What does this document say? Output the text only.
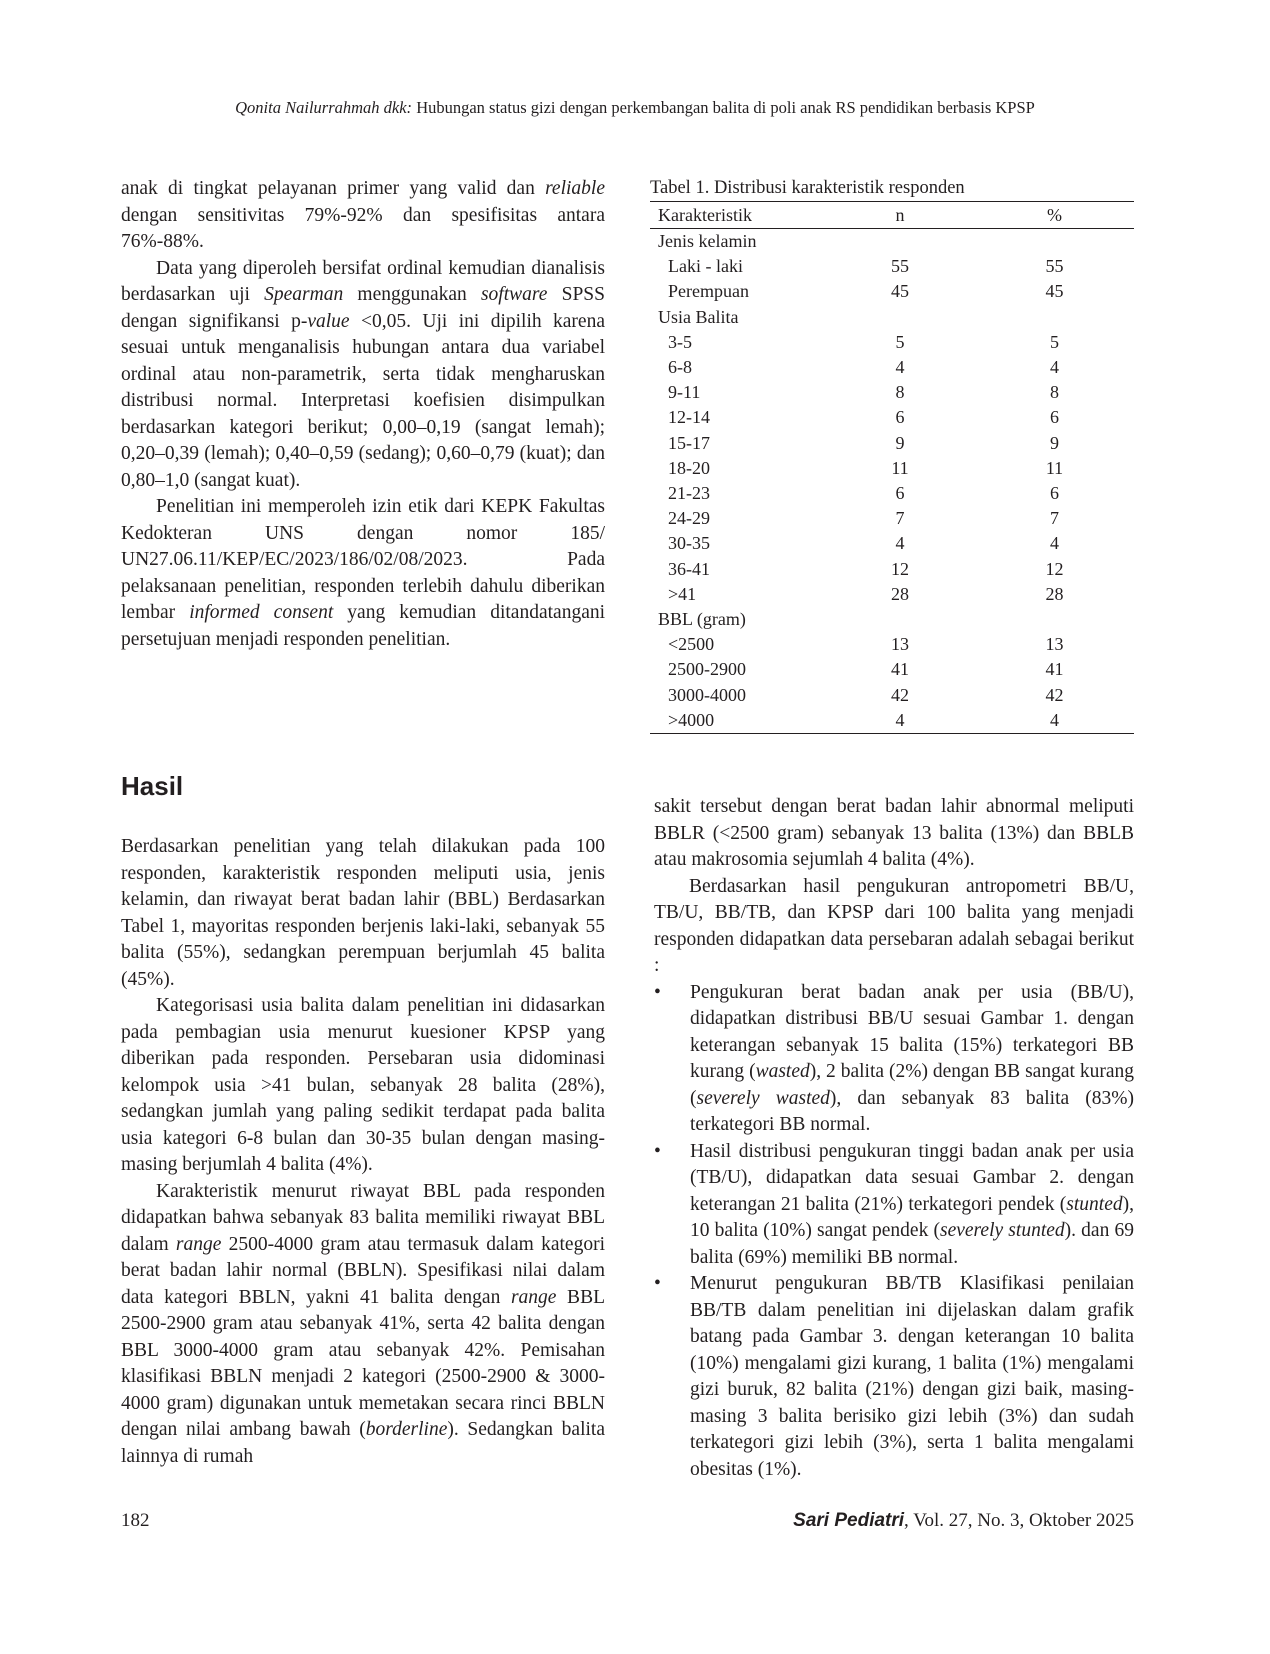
Qonita Nailurrahmah dkk: Hubungan status gizi dengan perkembangan balita di poli anak RS pendidikan berbasis KPSP

anak di tingkat pelayanan primer yang valid dan reliable dengan sensitivitas 79%-92% dan spesifisitas antara 76%-88%.

Data yang diperoleh bersifat ordinal kemudian dianalisis berdasarkan uji Spearman menggunakan software SPSS dengan signifikansi p-value <0,05. Uji ini dipilih karena sesuai untuk menganalisis hubungan antara dua variabel ordinal atau non-parametrik, serta tidak mengharuskan distribusi normal. Interpretasi koefisien disimpulkan berdasarkan kategori berikut; 0,00–0,19 (sangat lemah); 0,20–0,39 (lemah); 0,40–0,59 (sedang); 0,60–0,79 (kuat); dan 0,80–1,0 (sangat kuat).

Penelitian ini memperoleh izin etik dari KEPK Fakultas Kedokteran UNS dengan nomor 185/ UN27.06.11/KEP/EC/2023/186/02/08/2023. Pada pelaksanaan penelitian, responden terlebih dahulu diberikan lembar informed consent yang kemudian ditandatangani persetujuan menjadi responden penelitian.

Hasil

Berdasarkan penelitian yang telah dilakukan pada 100 responden, karakteristik responden meliputi usia, jenis kelamin, dan riwayat berat badan lahir (BBL) Berdasarkan Tabel 1, mayoritas responden berjenis laki-laki, sebanyak 55 balita (55%), sedangkan perempuan berjumlah 45 balita (45%).

Kategorisasi usia balita dalam penelitian ini didasarkan pada pembagian usia menurut kuesioner KPSP yang diberikan pada responden. Persebaran usia didominasi kelompok usia >41 bulan, sebanyak 28 balita (28%), sedangkan jumlah yang paling sedikit terdapat pada balita usia kategori 6-8 bulan dan 30-35 bulan dengan masing-masing berjumlah 4 balita (4%).

Karakteristik menurut riwayat BBL pada responden didapatkan bahwa sebanyak 83 balita memiliki riwayat BBL dalam range 2500-4000 gram atau termasuk dalam kategori berat badan lahir normal (BBLN). Spesifikasi nilai dalam data kategori BBLN, yakni 41 balita dengan range BBL 2500-2900 gram atau sebanyak 41%, serta 42 balita dengan BBL 3000-4000 gram atau sebanyak 42%. Pemisahan klasifikasi BBLN menjadi 2 kategori (2500-2900 & 3000-4000 gram) digunakan untuk memetakan secara rinci BBLN dengan nilai ambang bawah (borderline). Sedangkan balita lainnya di rumah

Tabel 1. Distribusi karakteristik responden

Karakteristik	n	%
Jenis kelamin		
Laki - laki	55	55
Perempuan	45	45
Usia Balita		
3-5	5	5
6-8	4	4
9-11	8	8
12-14	6	6
15-17	9	9
18-20	11	11
21-23	6	6
24-29	7	7
30-35	4	4
36-41	12	12
>41	28	28
BBL (gram)		
<2500	13	13
2500-2900	41	41
3000-4000	42	42
>4000	4	4

sakit tersebut dengan berat badan lahir abnormal meliputi BBLR (<2500 gram) sebanyak 13 balita (13%) dan BBLB atau makrosomia sejumlah 4 balita (4%).

Berdasarkan hasil pengukuran antropometri BB/U, TB/U, BB/TB, dan KPSP dari 100 balita yang menjadi responden didapatkan data persebaran adalah sebagai berikut :

• Pengukuran berat badan anak per usia (BB/U), didapatkan distribusi BB/U sesuai Gambar 1. dengan keterangan sebanyak 15 balita (15%) terkategori BB kurang (wasted), 2 balita (2%) dengan BB sangat kurang (severely wasted), dan sebanyak 83 balita (83%) terkategori BB normal.
• Hasil distribusi pengukuran tinggi badan anak per usia (TB/U), didapatkan data sesuai Gambar 2. dengan keterangan 21 balita (21%) terkategori pendek (stunted), 10 balita (10%) sangat pendek (severely stunted). dan 69 balita (69%) memiliki BB normal.
• Menurut pengukuran BB/TB Klasifikasi penilaian BB/TB dalam penelitian ini dijelaskan dalam grafik batang pada Gambar 3. dengan keterangan 10 balita (10%) mengalami gizi kurang, 1 balita (1%) mengalami gizi buruk, 82 balita (21%) dengan gizi baik, masing-masing 3 balita berisiko gizi lebih (3%) dan sudah terkategori gizi lebih (3%), serta 1 balita mengalami obesitas (1%).
182	Sari Pediatri, Vol. 27, No. 3, Oktober 2025
